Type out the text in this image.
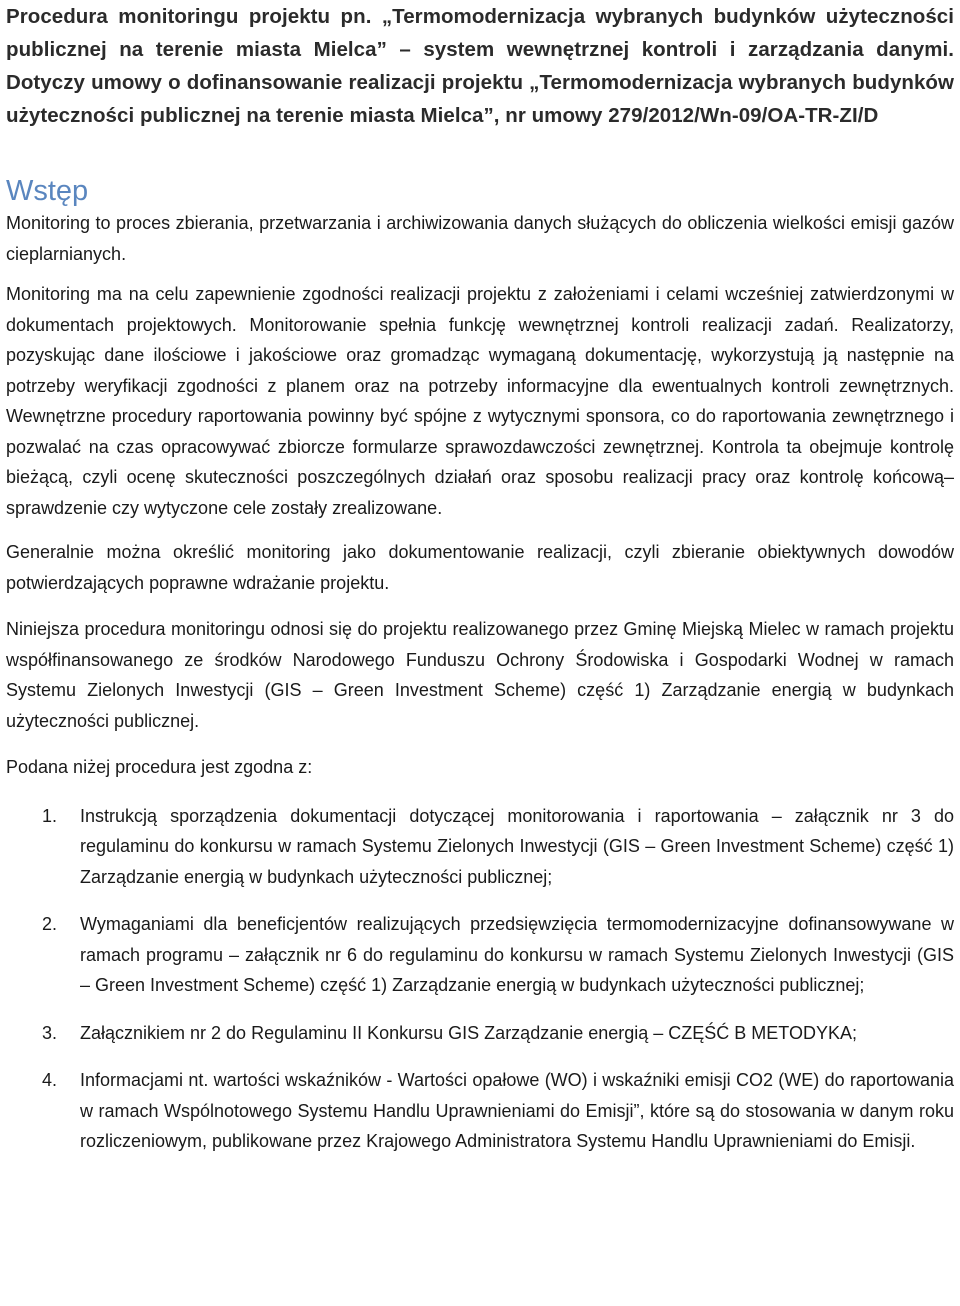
Procedura monitoringu projektu pn. „Termomodernizacja wybranych budynków użyteczności publicznej na terenie miasta Mielca” – system wewnętrznej kontroli i zarządzania danymi. Dotyczy umowy o dofinansowanie realizacji projektu „Termomodernizacja wybranych budynków użyteczności publicznej na terenie miasta Mielca”, nr umowy 279/2012/Wn-09/OA-TR-ZI/D

Wstęp

Monitoring to proces zbierania, przetwarzania i archiwizowania danych służących do obliczenia wielkości emisji gazów cieplarnianych.

Monitoring ma na celu zapewnienie zgodności realizacji projektu z założeniami i celami wcześniej zatwierdzonymi w dokumentach projektowych. Monitorowanie spełnia funkcję wewnętrznej kontroli realizacji zadań. Realizatorzy, pozyskując dane ilościowe i jakościowe oraz gromadząc wymaganą dokumentację, wykorzystują ją następnie na potrzeby weryfikacji zgodności z planem oraz na potrzeby informacyjne dla ewentualnych kontroli zewnętrznych. Wewnętrzne procedury raportowania powinny być spójne z wytycznymi sponsora, co do raportowania zewnętrznego i pozwalać na czas opracowywać zbiorcze formularze sprawozdawczości zewnętrznej. Kontrola ta obejmuje kontrolę bieżącą, czyli ocenę skuteczności poszczególnych działań oraz sposobu realizacji pracy oraz kontrolę końcową– sprawdzenie czy wytyczone cele zostały zrealizowane.

Generalnie można określić monitoring jako dokumentowanie realizacji, czyli zbieranie obiektywnych dowodów potwierdzających poprawne wdrażanie projektu.

Niniejsza procedura monitoringu odnosi się do projektu realizowanego przez Gminę Miejską Mielec w ramach projektu współfinansowanego ze środków Narodowego Funduszu Ochrony Środowiska i Gospodarki Wodnej w ramach Systemu Zielonych Inwestycji (GIS – Green Investment Scheme) część 1) Zarządzanie energią w budynkach użyteczności publicznej.

Podana niżej procedura jest zgodna z:

1. Instrukcją sporządzenia dokumentacji dotyczącej monitorowania i raportowania – załącznik nr 3 do regulaminu do konkursu w ramach Systemu Zielonych Inwestycji (GIS – Green Investment Scheme) część 1) Zarządzanie energią w budynkach użyteczności publicznej;
2. Wymaganiami dla beneficjentów realizujących przedsięwzięcia termomodernizacyjne dofinansowywane w ramach programu – załącznik nr 6 do regulaminu do konkursu w ramach Systemu Zielonych Inwestycji (GIS – Green Investment Scheme) część 1) Zarządzanie energią w budynkach użyteczności publicznej;
3. Załącznikiem nr 2 do Regulaminu II Konkursu GIS Zarządzanie energią – CZĘŚĆ B METODYKA;
4. Informacjami nt. wartości wskaźników - Wartości opałowe (WO) i wskaźniki emisji CO2 (WE) do raportowania w ramach Wspólnotowego Systemu Handlu Uprawnieniami do Emisji”, które są do stosowania w danym roku rozliczeniowym, publikowane przez Krajowego Administratora Systemu Handlu Uprawnieniami do Emisji.
